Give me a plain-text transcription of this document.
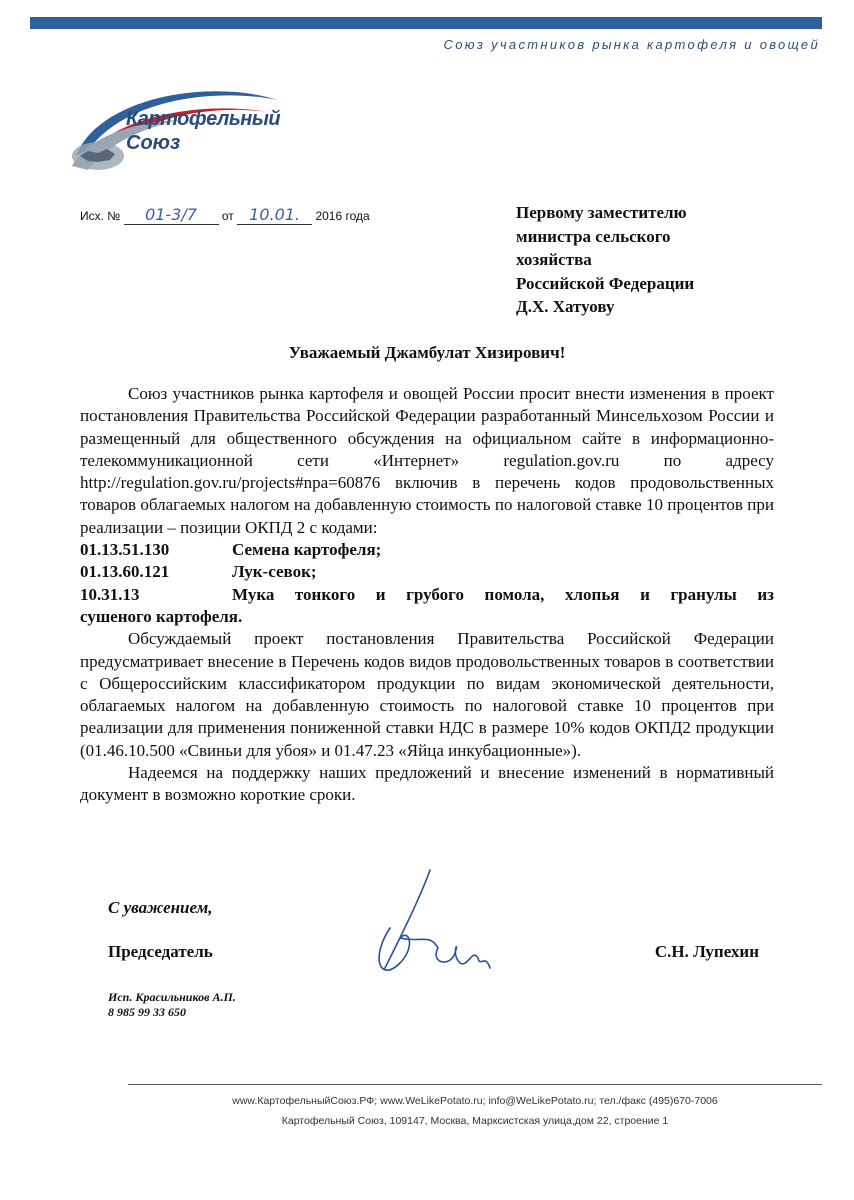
Союз участников рынка картофеля и овощей
Картофельный
Союз
Исх. № 01-3/7 от 10.01. 2016 года	Первому заместителю
министра сельского
хозяйства
Российской Федерации
Д.Х. Хатуову
Уважаемый Джамбулат Хизирович!

Союз участников рынка картофеля и овощей России просит внести изменения в проект постановления Правительства Российской Федерации разработанный Минсельхозом России и размещенный для общественного обсуждения на официальном сайте в информационно-телекоммуникационной сети «Интернет» regulation.gov.ru по адресу http://regulation.gov.ru/projects#npa=60876 включив в перечень кодов продовольственных товаров облагаемых налогом на добавленную стоимость по налоговой ставке 10 процентов при реализации – позиции ОКПД 2 с кодами:

01.13.51.130	Семена картофеля;
01.13.60.121	Лук-севок;
10.31.13	Мука тонкого и грубого помола, хлопья и гранулы из

сушеного картофеля.

Обсуждаемый проект постановления Правительства Российской Федерации предусматривает внесение в Перечень кодов видов продовольственных товаров в соответствии с Общероссийским классификатором продукции по видам экономической деятельности, облагаемых налогом на добавленную стоимость по налоговой ставке 10 процентов при реализации для применения пониженной ставки НДС в размере 10% кодов ОКПД2 продукции (01.46.10.500 «Свиньи для убоя» и 01.47.23 «Яйца инкубационные»).

Надеемся на поддержку наших предложений и внесение изменений в нормативный документ в возможно короткие сроки.

С уважением,
Председатель	С.Н. Лупехин
Исп. Красильников А.П.
8 985 99 33 650
www.КартофельныйСоюз.РФ; www.WeLikePotato.ru; info@WeLikePotato.ru; тел./факс (495)670-7006
Картофельный Союз, 109147, Москва, Марксистская улица,дом 22, строение 1
